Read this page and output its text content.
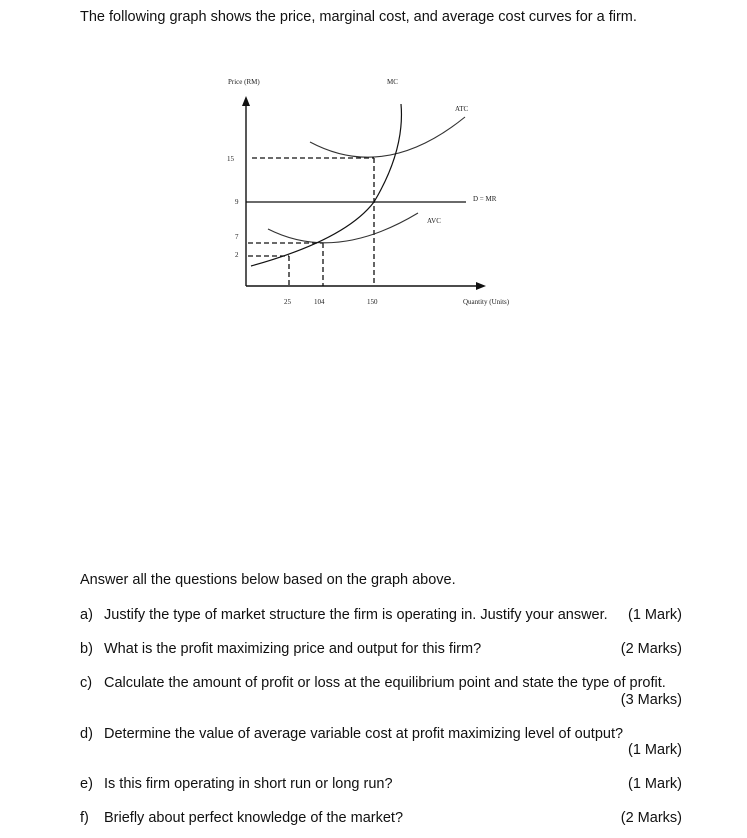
The following graph shows the price, marginal cost, and average cost curves for a firm.
Price (RM)
Quantity (Units)
15
9
7
2
25	104	150
D = MR
ATC
AVC
MC
Answer all the questions below based on the graph above.
a) Justify the type of market structure the firm is operating in. Justify your answer. (1 Mark)
b) What is the profit maximizing price and output for this firm?	(2 Marks)
c) Calculate the amount of profit or loss at the equilibrium point and state the type of profit.
(3 Marks)
d) Determine the value of average variable cost at profit maximizing level of output?
(1 Mark)
e) Is this firm operating in short run or long run?	(1 Mark)
f) Briefly about perfect knowledge of the market?	(2 Marks)
